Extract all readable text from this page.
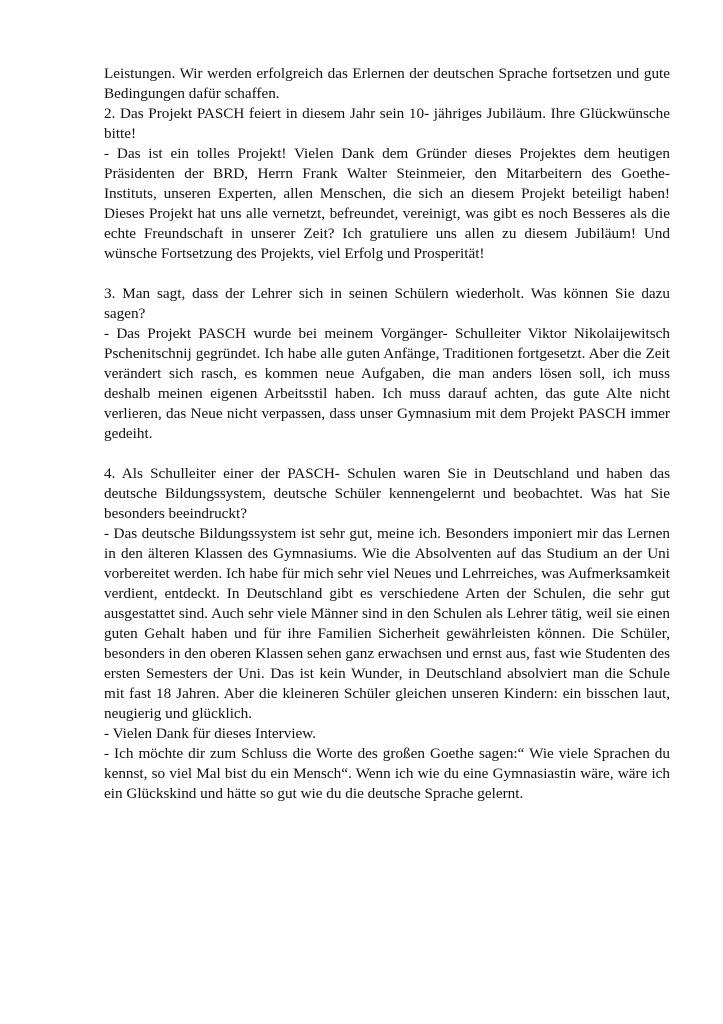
Leistungen. Wir werden erfolgreich das Erlernen der deutschen Sprache fortsetzen und gute Bedingungen dafür schaffen.

2. Das Projekt PASCH feiert in diesem Jahr sein 10- jähriges Jubiläum. Ihre Glückwünsche bitte!

- Das ist ein tolles Projekt! Vielen Dank dem Gründer dieses Projektes dem heutigen Präsidenten der BRD, Herrn Frank Walter Steinmeier, den Mitarbeitern des Goethe- Instituts, unseren Experten, allen Menschen, die sich an diesem Projekt beteiligt haben! Dieses Projekt hat uns alle vernetzt, befreundet, vereinigt, was gibt es noch Besseres als die echte Freundschaft in unserer Zeit? Ich gratuliere uns allen zu diesem Jubiläum! Und wünsche Fortsetzung des Projekts, viel Erfolg und Prosperität!

3. Man sagt, dass der Lehrer sich in seinen Schülern wiederholt. Was können Sie dazu sagen?

- Das Projekt PASCH wurde bei meinem Vorgänger- Schulleiter Viktor Nikolaijewitsch Pschenitschnij gegründet. Ich habe alle guten Anfänge, Traditionen fortgesetzt. Aber die Zeit verändert sich rasch, es kommen neue Aufgaben, die man anders lösen soll, ich muss deshalb meinen eigenen Arbeitsstil haben. Ich muss darauf achten, das gute Alte nicht verlieren, das Neue nicht verpassen, dass unser Gymnasium mit dem Projekt PASCH immer gedeiht.

4. Als Schulleiter einer der PASCH- Schulen waren Sie in Deutschland und haben das deutsche Bildungssystem, deutsche Schüler kennengelernt und beobachtet. Was hat Sie besonders beeindruckt?

- Das deutsche Bildungssystem ist sehr gut, meine ich. Besonders imponiert mir das Lernen in den älteren Klassen des Gymnasiums. Wie die Absolventen auf das Studium an der Uni vorbereitet werden. Ich habe für mich sehr viel Neues und Lehrreiches, was Aufmerksamkeit verdient, entdeckt. In Deutschland gibt es verschiedene Arten der Schulen, die sehr gut ausgestattet sind. Auch sehr viele Männer sind in den Schulen als Lehrer tätig, weil sie einen guten Gehalt haben und für ihre Familien Sicherheit gewährleisten können. Die Schüler, besonders in den oberen Klassen sehen ganz erwachsen und ernst aus, fast wie Studenten des ersten Semesters der Uni. Das ist kein Wunder, in Deutschland absolviert man die Schule mit fast 18 Jahren. Aber die kleineren Schüler gleichen unseren Kindern: ein bisschen laut, neugierig und glücklich.

- Vielen Dank für dieses Interview.

- Ich möchte dir zum Schluss die Worte des großen Goethe sagen:“ Wie viele Sprachen du kennst, so viel Mal bist du ein Mensch“. Wenn ich wie du eine Gymnasiastin wäre, wäre ich ein Glückskind und hätte so gut wie du die deutsche Sprache gelernt.
